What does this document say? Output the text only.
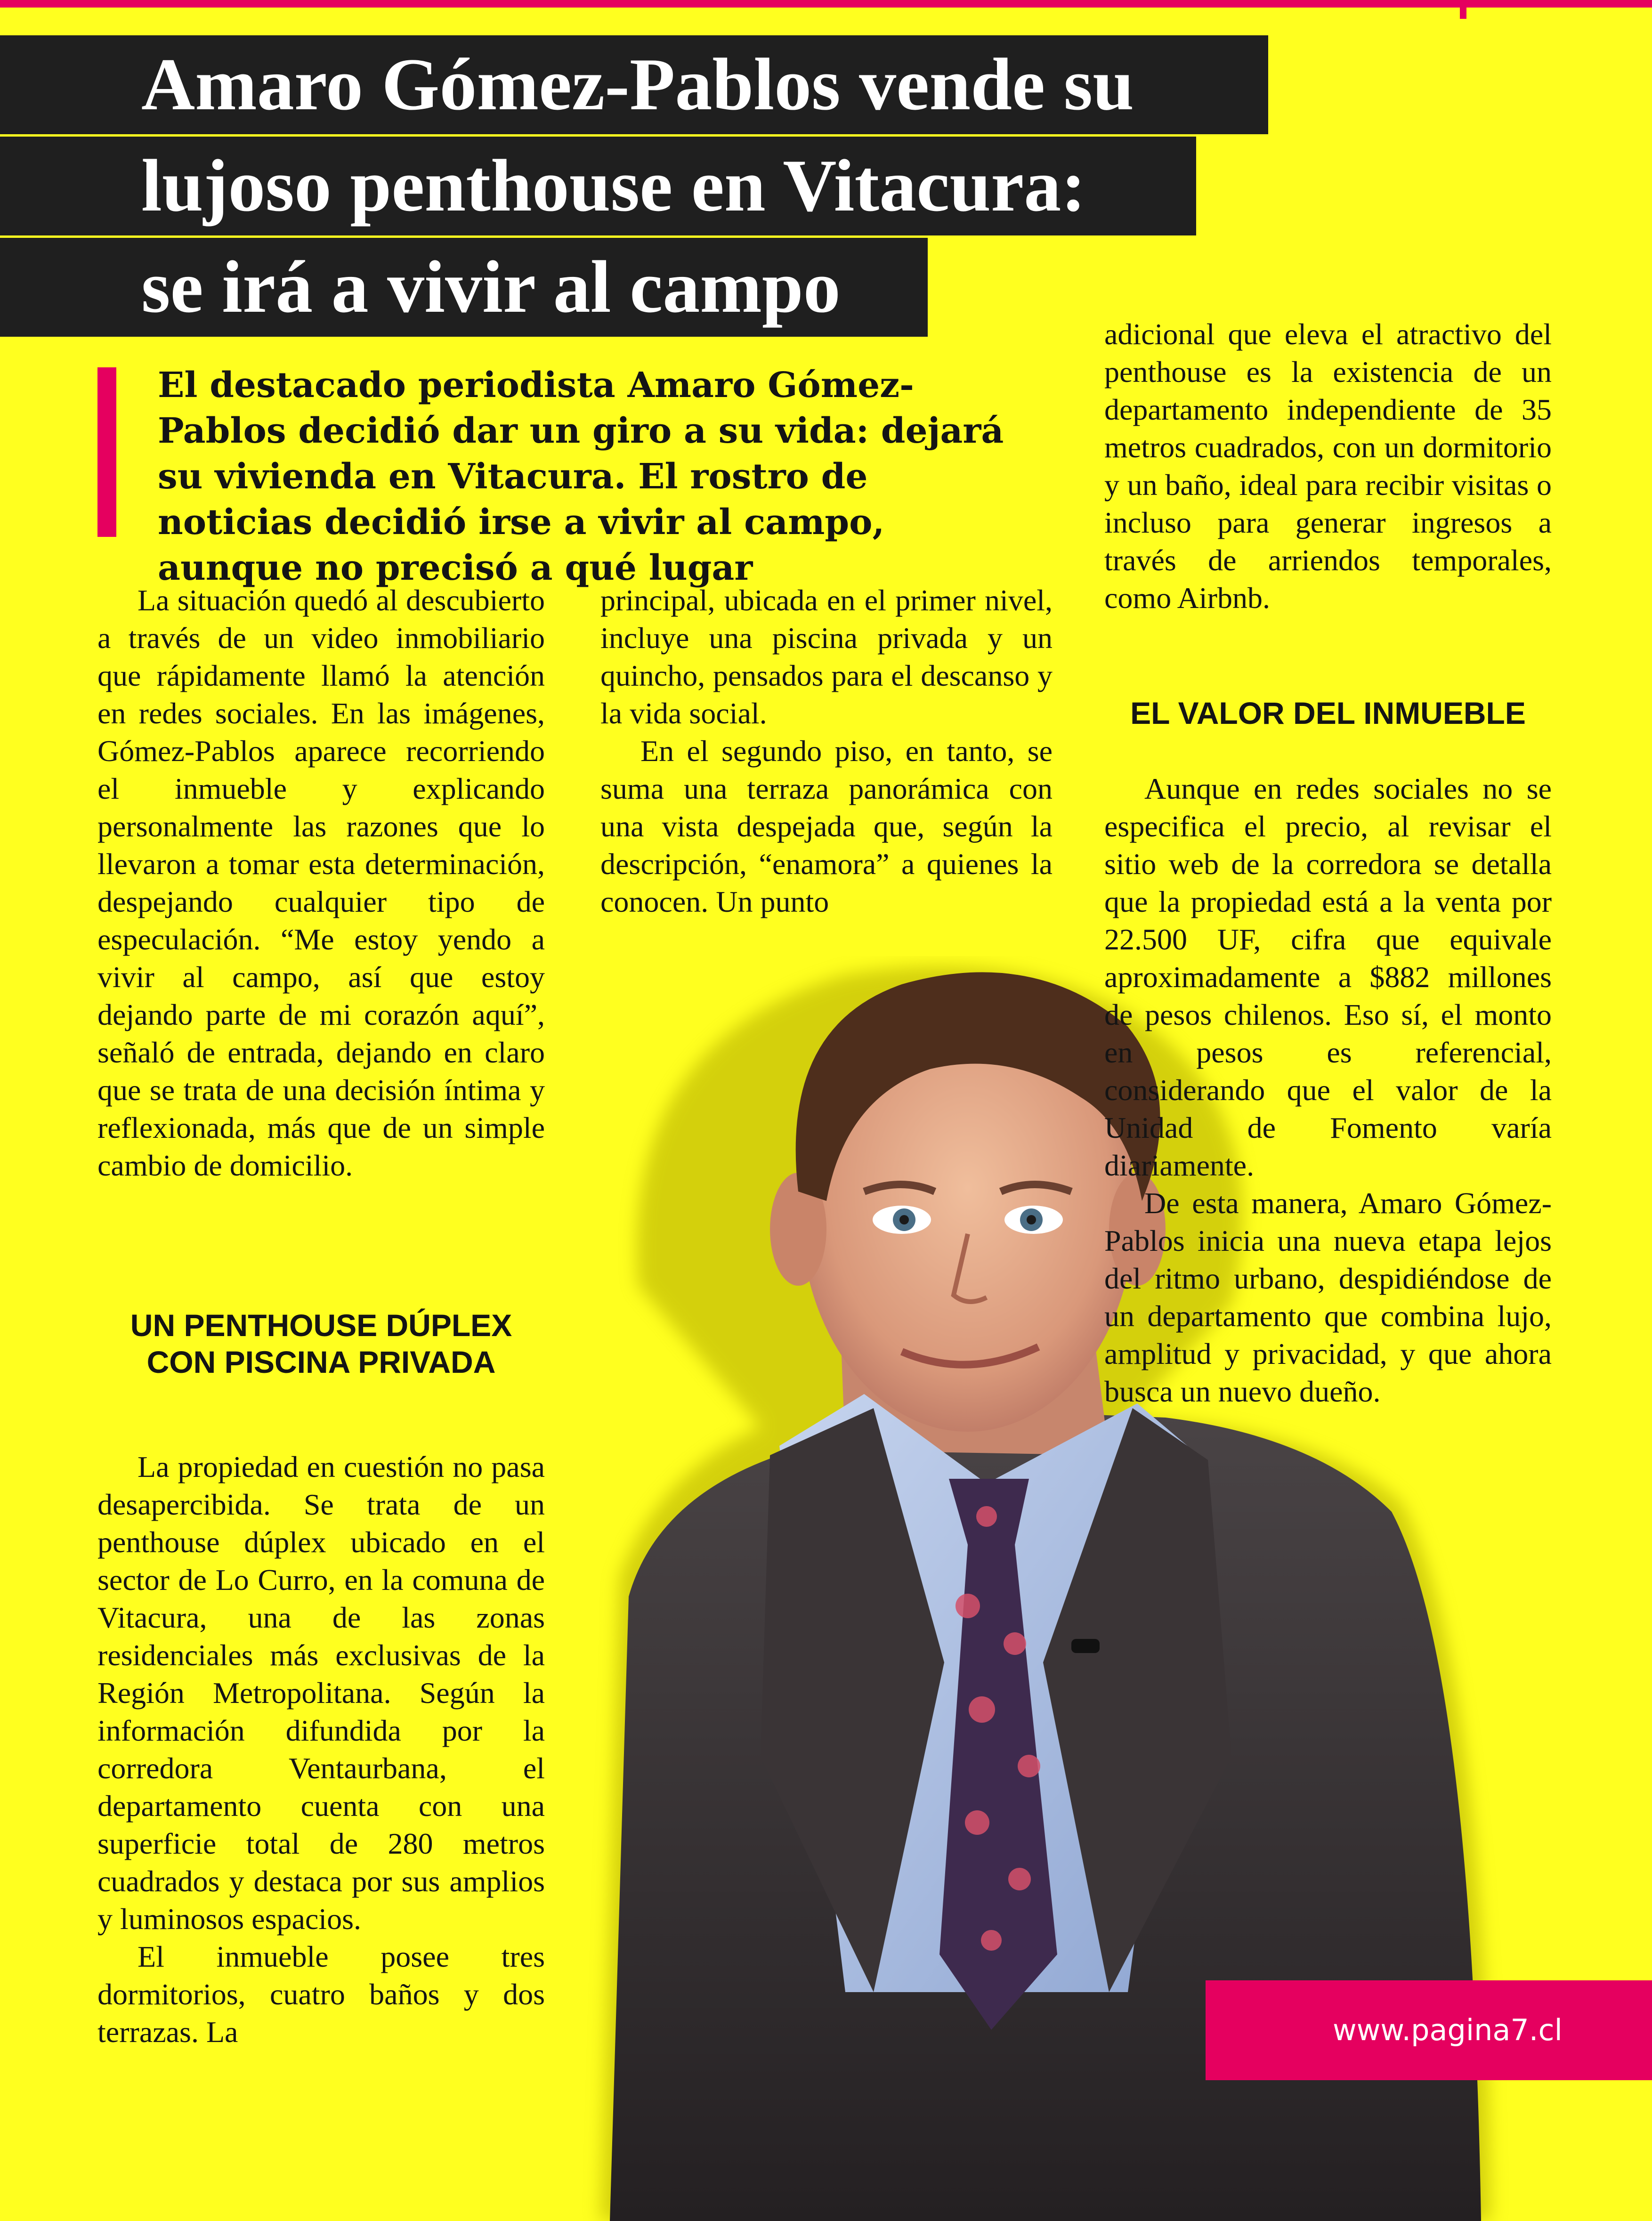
Amaro Gómez-Pablos vende su
lujoso penthouse en Vitacura:
se irá a vivir al campo

El destacado periodista Amaro Gómez-Pablos decidió dar un giro a su vida: dejará su vivienda en Vitacura. El rostro de noticias decidió irse a vivir al campo, aunque no precisó a qué lugar

La situación quedó al descubierto a través de un video inmobiliario que rápidamente llamó la atención en redes sociales. En las imágenes, Gómez-Pablos aparece recorriendo el inmueble y explicando personalmente las razones que lo llevaron a tomar esta determinación, despejando cualquier tipo de especulación. “Me estoy yendo a vivir al campo, así que estoy dejando parte de mi corazón aquí”, señaló de entrada, dejando en claro que se trata de una decisión íntima y reflexionada, más que de un simple cambio de domicilio.

UN PENTHOUSE DÚPLEX CON PISCINA PRIVADA

La propiedad en cuestión no pasa desapercibida. Se trata de un penthouse dúplex ubicado en el sector de Lo Curro, en la comuna de Vitacura, una de las zonas residenciales más exclusivas de la Región Metropolitana. Según la información difundida por la corredora Ventaurbana, el departamento cuenta con una superficie total de 280 metros cuadrados y destaca por sus amplios y luminosos espacios.

El inmueble posee tres dormitorios, cuatro baños y dos terrazas. La

principal, ubicada en el primer nivel, incluye una piscina privada y un quincho, pensados para el descanso y la vida social.

En el segundo piso, en tanto, se suma una terraza panorámica con una vista despejada que, según la descripción, “enamora” a quienes la conocen. Un punto

adicional que eleva el atractivo del penthouse es la existencia de un departamento independiente de 35 metros cuadrados, con un dormitorio y un baño, ideal para recibir visitas o incluso para generar ingresos a través de arriendos temporales, como Airbnb.

EL VALOR DEL INMUEBLE

Aunque en redes sociales no se especifica el precio, al revisar el sitio web de la corredora se detalla que la propiedad está a la venta por 22.500 UF, cifra que equivale aproximadamente a $882 millones de pesos chilenos. Eso sí, el monto en pesos es referencial, considerando que el valor de la Unidad de Fomento varía diariamente.

De esta manera, Amaro Gómez-Pablos inicia una nueva etapa lejos del ritmo urbano, despidiéndose de un departamento que combina lujo, amplitud y privacidad, y que ahora busca un nuevo dueño.

www.pagina7.cl
